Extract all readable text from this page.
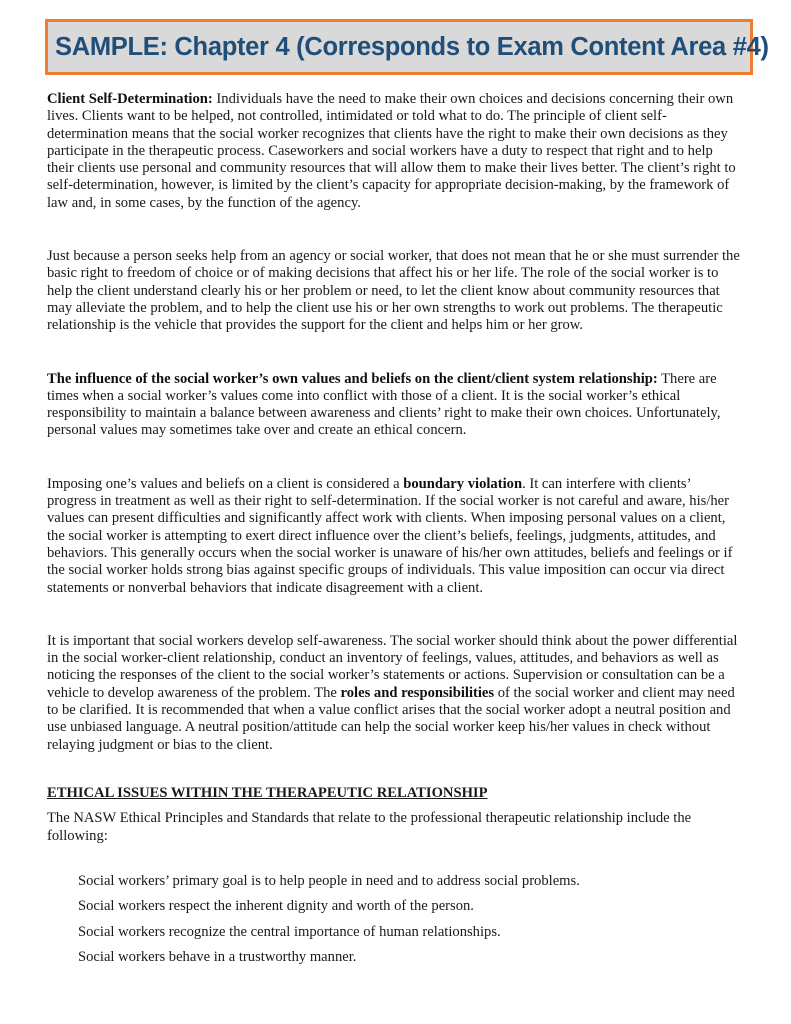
SAMPLE: Chapter 4 (Corresponds to Exam Content Area #4)

Client Self-Determination: Individuals have the need to make their own choices and decisions concerning their own lives. Clients want to be helped, not controlled, intimidated or told what to do. The principle of client self-determination means that the social worker recognizes that clients have the right to make their own decisions as they participate in the therapeutic process. Caseworkers and social workers have a duty to respect that right and to help their clients use personal and community resources that will allow them to make their lives better. The client’s right to self-determination, however, is limited by the client’s capacity for appropriate decision-making, by the framework of law and, in some cases, by the function of the agency.

Just because a person seeks help from an agency or social worker, that does not mean that he or she must surrender the basic right to freedom of choice or of making decisions that affect his or her life. The role of the social worker is to help the client understand clearly his or her problem or need, to let the client know about community resources that may alleviate the problem, and to help the client use his or her own strengths to work out problems. The therapeutic relationship is the vehicle that provides the support for the client and helps him or her grow.

The influence of the social worker’s own values and beliefs on the client/client system relationship: There are times when a social worker’s values come into conflict with those of a client. It is the social worker’s ethical responsibility to maintain a balance between awareness and clients’ right to make their own choices. Unfortunately, personal values may sometimes take over and create an ethical concern.

Imposing one’s values and beliefs on a client is considered a boundary violation. It can interfere with clients’ progress in treatment as well as their right to self-determination. If the social worker is not careful and aware, his/her values can present difficulties and significantly affect work with clients. When imposing personal values on a client, the social worker is attempting to exert direct influence over the client’s beliefs, feelings, judgments, attitudes, and behaviors. This generally occurs when the social worker is unaware of his/her own attitudes, beliefs and feelings or if the social worker holds strong bias against specific groups of individuals. This value imposition can occur via direct statements or nonverbal behaviors that indicate disagreement with a client.

It is important that social workers develop self-awareness. The social worker should think about the power differential in the social worker-client relationship, conduct an inventory of feelings, values, attitudes, and behaviors as well as noticing the responses of the client to the social worker’s statements or actions. Supervision or consultation can be a vehicle to develop awareness of the problem. The roles and responsibilities of the social worker and client may need to be clarified. It is recommended that when a value conflict arises that the social worker adopt a neutral position and use unbiased language. A neutral position/attitude can help the social worker keep his/her values in check without relaying judgment or bias to the client.

ETHICAL ISSUES WITHIN THE THERAPEUTIC RELATIONSHIP

The NASW Ethical Principles and Standards that relate to the professional therapeutic relationship include the following:

Social workers’ primary goal is to help people in need and to address social problems.
Social workers respect the inherent dignity and worth of the person.
Social workers recognize the central importance of human relationships.
Social workers behave in a trustworthy manner.
